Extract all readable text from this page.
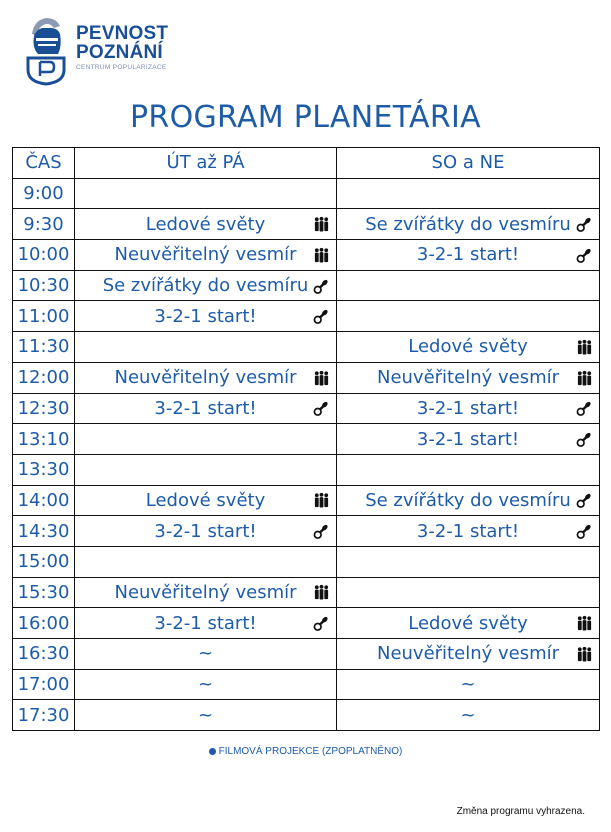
PEVNOST
POZNÁNÍ
CENTRUM POPULARIZACE
PROGRAM PLANETÁRIA
ČAS	ÚT až PÁ	SO a NE
9:00		
9:30	Ledové světy	Se zvířátky do vesmíru

10:00	Neuvěřitelný vesmír	3-2-1 start!

10:30	Se zvířátky do vesmíru

11:00	3-2-1 start!

11:30		Ledové světy

12:00	Neuvěřitelný vesmír	Neuvěřitelný vesmír

12:30	3-2-1 start!	3-2-1 start!

13:10		3-2-1 start!

13:30		
14:00	Ledové světy	Se zvířátky do vesmíru

14:30	3-2-1 start!	3-2-1 start!

15:00		
15:30	Neuvěřitelný vesmír

16:00	3-2-1 start!	Ledové světy

16:30	~	Neuvěřitelný vesmír

17:00	~	~
17:30	~	~
FILMOVÁ PROJEKCE (ZPOPLATNĚNO)
Změna programu vyhrazena.
